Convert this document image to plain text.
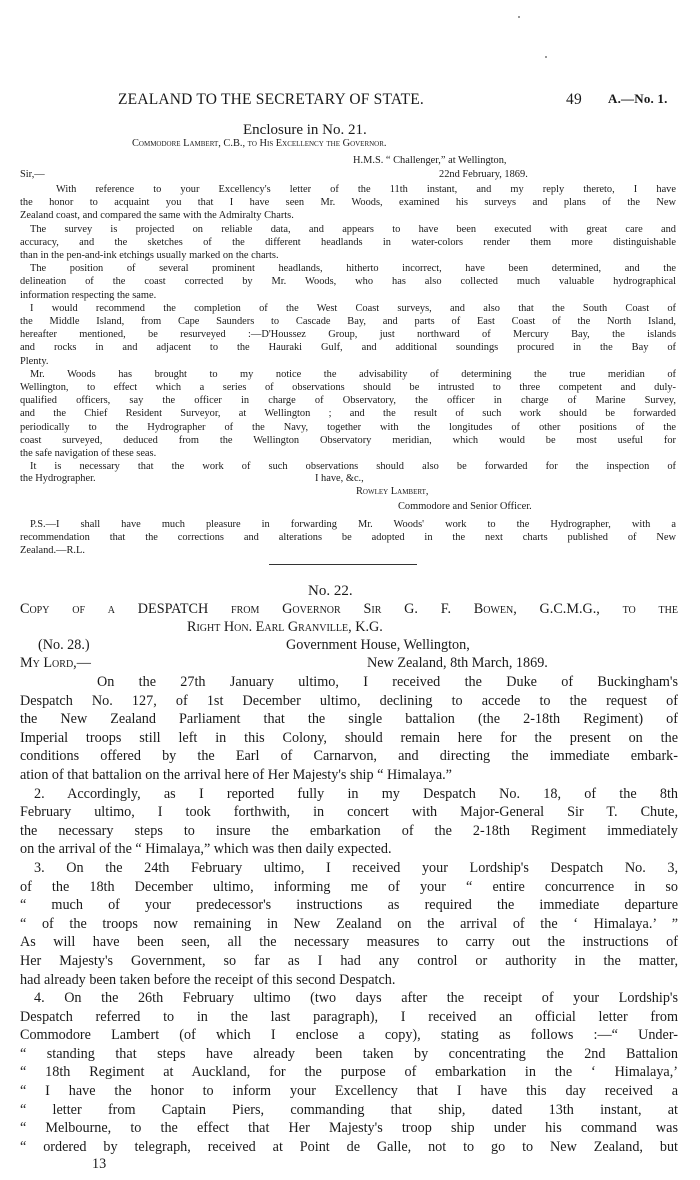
ZEALAND TO THE SECRETARY OF STATE.	49 A.—No. 1.
Enclosure in No. 21.
Commodore Lambert, C.B., to His Excellency the Governor.
H.M.S. “ Challenger,” at Wellington,
Sir,—	22nd February, 1869.
With reference to your Excellency's letter of the 11th instant, and my reply thereto, I have
the honor to acquaint you that I have seen Mr. Woods, examined his surveys and plans of the New
Zealand coast, and compared the same with the Admiralty Charts.
The survey is projected on reliable data, and appears to have been executed with great care and
accuracy, and the sketches of the different headlands in water-colors render them more distinguishable
than in the pen-and-ink etchings usually marked on the charts.
The position of several prominent headlands, hitherto incorrect, have been determined, and the
delineation of the coast corrected by Mr. Woods, who has also collected much valuable hydrographical
information respecting the same.
I would recommend the completion of the West Coast surveys, and also that the South Coast of
the Middle Island, from Cape Saunders to Cascade Bay, and parts of East Coast of the North Island,
hereafter mentioned, be resurveyed :—D'Houssez Group, just northward of Mercury Bay, the islands
and rocks in and adjacent to the Hauraki Gulf, and additional soundings procured in the Bay of
Plenty.
Mr. Woods has brought to my notice the advisability of determining the true meridian of
Wellington, to effect which a series of observations should be intrusted to three competent and duly-
qualified officers, say the officer in charge of Observatory, the officer in charge of Marine Survey,
and the Chief Resident Surveyor, at Wellington ; and the result of such work should be forwarded
periodically to the Hydrographer of the Navy, together with the longitudes of other positions of the
coast surveyed, deduced from the Wellington Observatory meridian, which would be most useful for
the safe navigation of these seas.
It is necessary that the work of such observations should also be forwarded for the inspection of
the Hydrographer.	I have, &c.,
Rowley Lambert,
Commodore and Senior Officer.
P.S.—I shall have much pleasure in forwarding Mr. Woods' work to the Hydrographer, with a
recommendation that the corrections and alterations be adopted in the next charts published of New
Zealand.—R.L.
No. 22.
Copy of a DESPATCH from Governor Sir G. F. Bowen, G.C.M.G., to the
Right Hon. Earl Granville, K.G.
(No. 28.)	Government House, Wellington,
My Lord,—	New Zealand, 8th March, 1869.
On the 27th January ultimo, I received the Duke of Buckingham's
Despatch No. 127, of 1st December ultimo, declining to accede to the request of
the New Zealand Parliament that the single battalion (the 2-18th Regiment) of
Imperial troops still left in this Colony, should remain here for the present on the
conditions offered by the Earl of Carnarvon, and directing the immediate embark-
ation of that battalion on the arrival here of Her Majesty's ship “ Himalaya.”
2. Accordingly, as I reported fully in my Despatch No. 18, of the 8th
February ultimo, I took forthwith, in concert with Major-General Sir T. Chute,
the necessary steps to insure the embarkation of the 2-18th Regiment immediately
on the arrival of the “ Himalaya,” which was then daily expected.
3. On the 24th February ultimo, I received your Lordship's Despatch No. 3,
of the 18th December ultimo, informing me of your “ entire concurrence in so
“ much of your predecessor's instructions as required the immediate departure
“ of the troops now remaining in New Zealand on the arrival of the ‘ Himalaya.’ ”
As will have been seen, all the necessary measures to carry out the instructions of
Her Majesty's Government, so far as I had any control or authority in the matter,
had already been taken before the receipt of this second Despatch.
4. On the 26th February ultimo (two days after the receipt of your Lordship's
Despatch referred to in the last paragraph), I received an official letter from
Commodore Lambert (of which I enclose a copy), stating as follows :—“ Under-
“ standing that steps have already been taken by concentrating the 2nd Battalion
“ 18th Regiment at Auckland, for the purpose of embarkation in the ‘ Himalaya,’
“ I have the honor to inform your Excellency that I have this day received a
“ letter from Captain Piers, commanding that ship, dated 13th instant, at
“ Melbourne, to the effect that Her Majesty's troop ship under his command was
“ ordered by telegraph, received at Point de Galle, not to go to New Zealand, but
13
